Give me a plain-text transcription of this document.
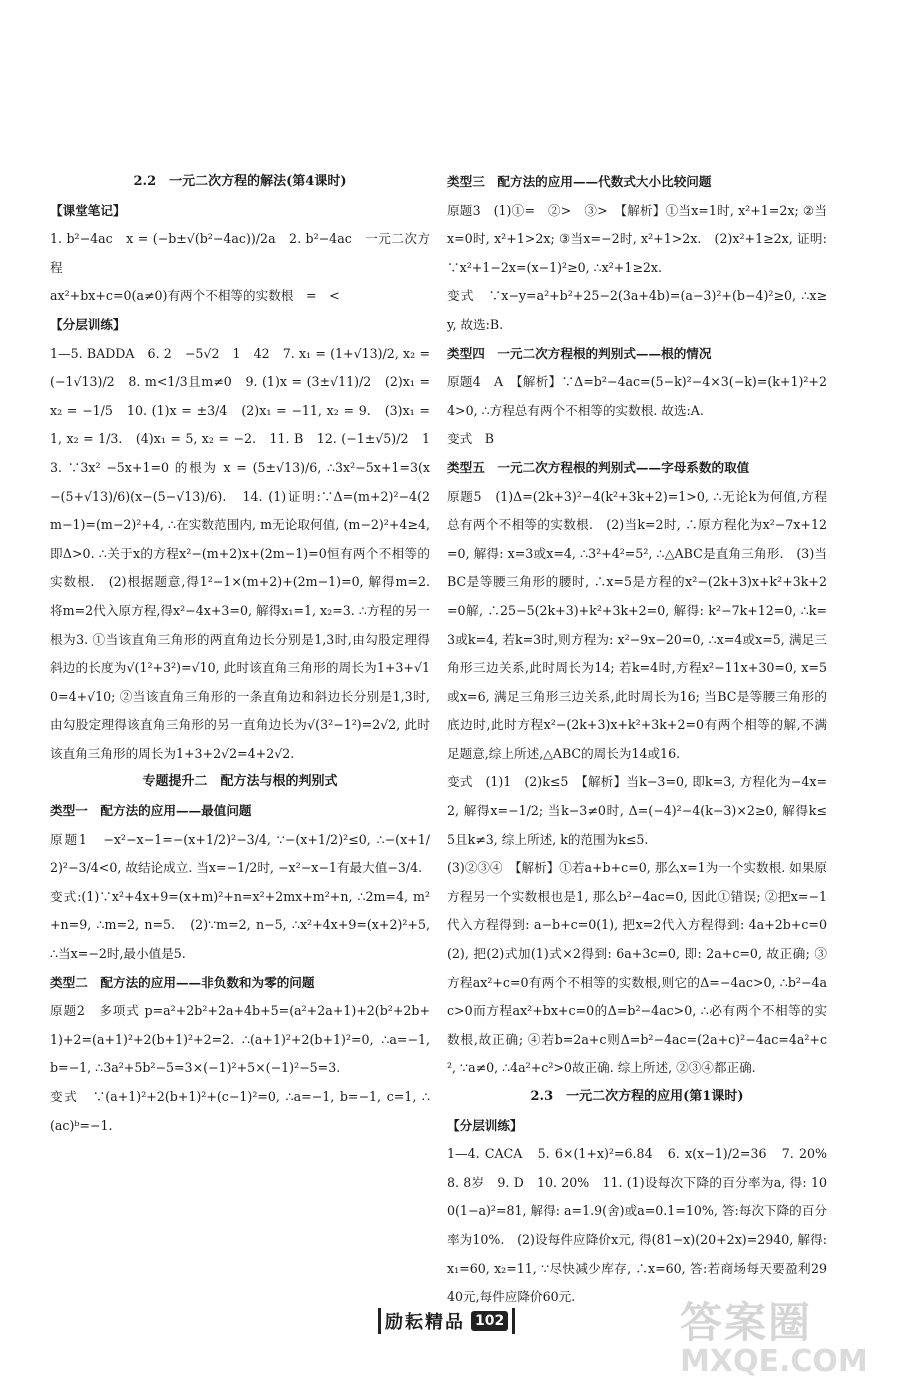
2.2　一元二次方程的解法(第4课时)
【课堂笔记】

1. b²−4ac　x = (−b±√(b²−4ac))/2a　2. b²−4ac　一元二次方程

ax²+bx+c=0(a≠0)有两个不相等的实数根　=　<

【分层训练】

1—5. BADDA　6. 2　−5√2　1　42　7. x₁ = (1+√13)/2, x₂ = (−1√13)/2　8. m<1/3且m≠0　9. (1)x = (3±√11)/2　(2)x₁ = x₂ = −1/5　10. (1)x = ±3/4　(2)x₁ = −11, x₂ = 9.　(3)x₁ = 1, x₂ = 1/3.　(4)x₁ = 5, x₂ = −2.　11. B　12. (−1±√5)/2　13. ∵3x² −5x+1=0 的根为 x = (5±√13)/6, ∴3x²−5x+1=3(x−(5+√13)/6)(x−(5−√13)/6).　14. (1)证明:∵Δ=(m+2)²−4(2m−1)=(m−2)²+4, ∴在实数范围内, m无论取何值, (m−2)²+4≥4, 即Δ>0. ∴关于x的方程x²−(m+2)x+(2m−1)=0恒有两个不相等的实数根.　(2)根据题意,得1²−1×(m+2)+(2m−1)=0, 解得m=2. 将m=2代入原方程,得x²−4x+3=0, 解得x₁=1, x₂=3. ∴方程的另一根为3. ①当该直角三角形的两直角边长分别是1,3时,由勾股定理得斜边的长度为√(1²+3²)=√10, 此时该直角三角形的周长为1+3+√10=4+√10; ②当该直角三角形的一条直角边和斜边长分别是1,3时,由勾股定理得该直角三角形的另一直角边长为√(3²−1²)=2√2, 此时该直角三角形的周长为1+3+2√2=4+2√2.

专题提升二　配方法与根的判别式
类型一　配方法的应用——最值问题

原题1　−x²−x−1=−(x+1/2)²−3/4, ∵−(x+1/2)²≤0, ∴−(x+1/2)²−3/4<0, 故结论成立. 当x=−1/2时, −x²−x−1有最大值−3/4.

变式:(1)∵x²+4x+9=(x+m)²+n=x²+2mx+m²+n, ∴2m=4, m²+n=9, ∴m=2, n=5.　(2)∵m=2, n−5, ∴x²+4x+9=(x+2)²+5, ∴当x=−2时,最小值是5.

类型二　配方法的应用——非负数和为零的问题

原题2　多项式 p=a²+2b²+2a+4b+5=(a²+2a+1)+2(b²+2b+1)+2=(a+1)²+2(b+1)²+2=2. ∴(a+1)²+2(b+1)²=0, ∴a=−1, b=−1, ∴3a²+5b²−5=3×(−1)²+5×(−1)²−5=3.

变式　∵(a+1)²+2(b+1)²+(c−1)²=0, ∴a=−1, b=−1, c=1, ∴(ac)ᵇ=−1.

类型三　配方法的应用——代数式大小比较问题

原题3　(1)①=　②>　③>　【解析】①当x=1时, x²+1=2x; ②当x=0时, x²+1>2x; ③当x=−2时, x²+1>2x.　(2)x²+1≥2x, 证明:∵x²+1−2x=(x−1)²≥0, ∴x²+1≥2x.

变式　∵x−y=a²+b²+25−2(3a+4b)=(a−3)²+(b−4)²≥0, ∴x≥y, 故选:B.

类型四　一元二次方程根的判别式——根的情况

原题4　A　【解析】∵Δ=b²−4ac=(5−k)²−4×3(−k)=(k+1)²+24>0, ∴方程总有两个不相等的实数根. 故选:A.

变式　B

类型五　一元二次方程根的判别式——字母系数的取值

原题5　(1)Δ=(2k+3)²−4(k²+3k+2)=1>0, ∴无论k为何值,方程总有两个不相等的实数根.　(2)当k=2时, ∴原方程化为x²−7x+12=0, 解得: x=3或x=4, ∴3²+4²=5², ∴△ABC是直角三角形.　(3)当BC是等腰三角形的腰时, ∴x=5是方程的x²−(2k+3)x+k²+3k+2=0解, ∴25−5(2k+3)+k²+3k+2=0, 解得: k²−7k+12=0, ∴k=3或k=4, 若k=3时,则方程为: x²−9x−20=0, ∴x=4或x=5, 满足三角形三边关系,此时周长为14; 若k=4时,方程x²−11x+30=0, x=5或x=6, 满足三角形三边关系,此时周长为16; 当BC是等腰三角形的底边时,此时方程x²−(2k+3)x+k²+3k+2=0有两个相等的解,不满足题意,综上所述,△ABC的周长为14或16.

变式　(1)1　(2)k≤5　【解析】当k−3=0, 即k=3, 方程化为−4x=2, 解得x=−1/2; 当k−3≠0时, Δ=(−4)²−4(k−3)×2≥0, 解得k≤5且k≠3, 综上所述, k的范围为k≤5.

(3)②③④　【解析】①若a+b+c=0, 那么x=1为一个实数根. 如果原方程另一个实数根也是1, 那么b²−4ac=0, 因此①错误; ②把x=−1代入方程得到: a−b+c=0(1), 把x=2代入方程得到: 4a+2b+c=0(2), 把(2)式加(1)式×2得到: 6a+3c=0, 即: 2a+c=0, 故正确; ③方程ax²+c=0有两个不相等的实数根,则它的Δ=−4ac>0, ∴b²−4ac>0而方程ax²+bx+c=0的Δ=b²−4ac>0, ∴必有两个不相等的实数根,故正确; ④若b=2a+c则Δ=b²−4ac=(2a+c)²−4ac=4a²+c², ∵a≠0, ∴4a²+c²>0故正确. 综上所述, ②③④都正确.

2.3　一元二次方程的应用(第1课时)
【分层训练】

1—4. CACA　5. 6×(1+x)²=6.84　6. x(x−1)/2=36　7. 20%　8. 8岁　9. D　10. 20%　11. (1)设每次下降的百分率为a, 得: 100(1−a)²=81, 解得: a=1.9(舍)或a=0.1=10%, 答:每次下降的百分率为10%.　(2)设每件应降价x元, 得(81−x)(20+2x)=2940, 解得: x₁=60, x₂=11, ∵尽快减少库存, ∴x=60, 答:若商场每天要盈利2940元,每件应降价60元.

励耘精品 102	答案圈
MXQE.COM
